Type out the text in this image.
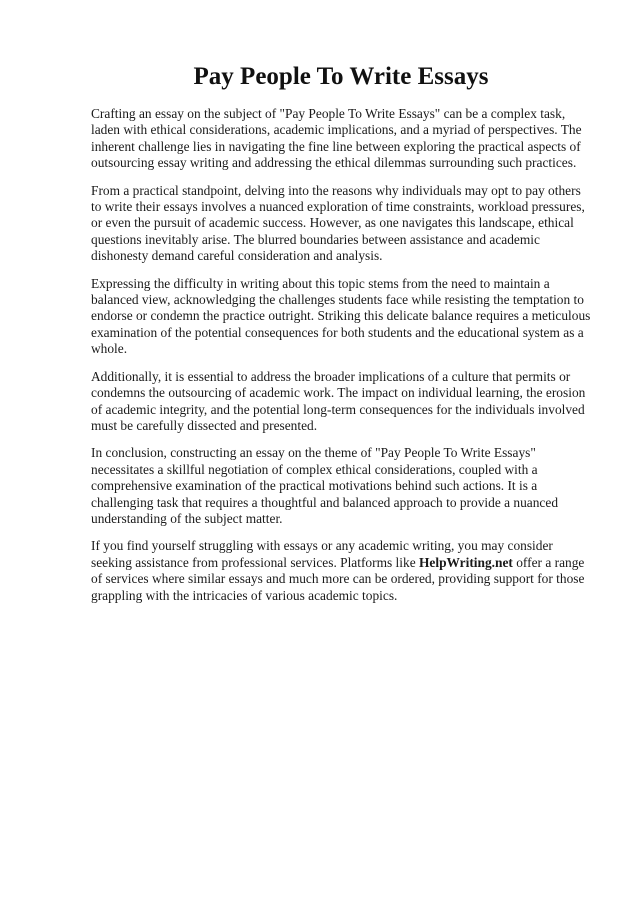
Pay People To Write Essays

Crafting an essay on the subject of "Pay People To Write Essays" can be a complex task, laden with ethical considerations, academic implications, and a myriad of perspectives. The inherent challenge lies in navigating the fine line between exploring the practical aspects of outsourcing essay writing and addressing the ethical dilemmas surrounding such practices.

From a practical standpoint, delving into the reasons why individuals may opt to pay others to write their essays involves a nuanced exploration of time constraints, workload pressures, or even the pursuit of academic success. However, as one navigates this landscape, ethical questions inevitably arise. The blurred boundaries between assistance and academic dishonesty demand careful consideration and analysis.

Expressing the difficulty in writing about this topic stems from the need to maintain a balanced view, acknowledging the challenges students face while resisting the temptation to endorse or condemn the practice outright. Striking this delicate balance requires a meticulous examination of the potential consequences for both students and the educational system as a whole.

Additionally, it is essential to address the broader implications of a culture that permits or condemns the outsourcing of academic work. The impact on individual learning, the erosion of academic integrity, and the potential long-term consequences for the individuals involved must be carefully dissected and presented.

In conclusion, constructing an essay on the theme of "Pay People To Write Essays" necessitates a skillful negotiation of complex ethical considerations, coupled with a comprehensive examination of the practical motivations behind such actions. It is a challenging task that requires a thoughtful and balanced approach to provide a nuanced understanding of the subject matter.

If you find yourself struggling with essays or any academic writing, you may consider seeking assistance from professional services. Platforms like HelpWriting.net offer a range of services where similar essays and much more can be ordered, providing support for those grappling with the intricacies of various academic topics.
